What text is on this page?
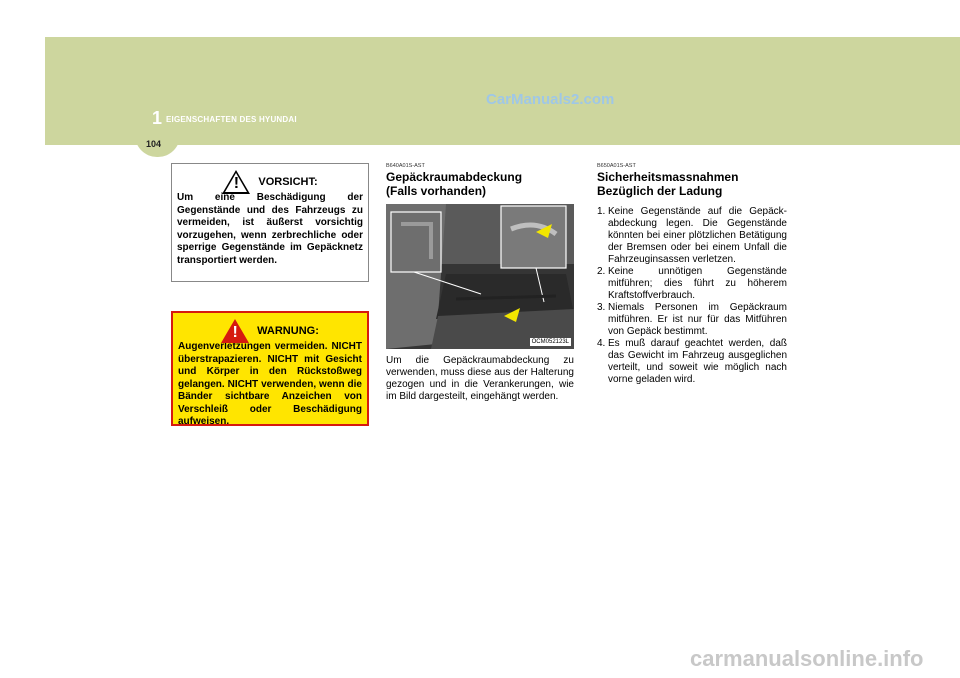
1 EIGENSCHAFTEN DES HYUNDAI
104
CarManuals2.com
! VORSICHT:
Um eine Beschädigung der Gegenstände und des Fahrzeugs zu vermeiden, ist äußerst vorsichtig vorzugehen, wenn zerbrechliche oder sperrige Gegenstände im Gepäcknetz transportiert werden.
! WARNUNG:
Augenverletzungen vermeiden. NICHT überstrapazieren. NICHT mit Gesicht und Körper in den Rückstoßweg gelangen. NICHT verwenden, wenn die Bänder sichtbare Anzeichen von Verschleiß oder Beschädigung aufweisen.
B640A01S-AST
Gepäckraumabdeckung
(Falls vorhanden)
OCM052123L
Um die Gepäckraumabdeckung zu verwenden, muss diese aus der Halterung gezogen und in die Verankerungen, wie im Bild dargesteilt, eingehängt werden.
B650A01S-AST
Sicherheitsmassnahmen
Bezüglich der Ladung
1. Keine Gegenstände auf die Gepäck- abdeckung legen. Die Gegenstände könnten bei einer plötzlichen Betätigung der Bremsen oder bei einem Unfall die Fahrzeuginsassen verletzen.
2. Keine unnötigen Gegenstände mitführen; dies führt zu höherem Kraftstoffverbrauch.
3. Niemals Personen im Gepäckraum mitführen. Er ist nur für das Mitführen von Gepäck bestimmt.
4. Es muß darauf geachtet werden, daß das Gewicht im Fahrzeug ausgeglichen verteilt, und soweit wie möglich nach vorne geladen wird.
carmanualsonline.info
